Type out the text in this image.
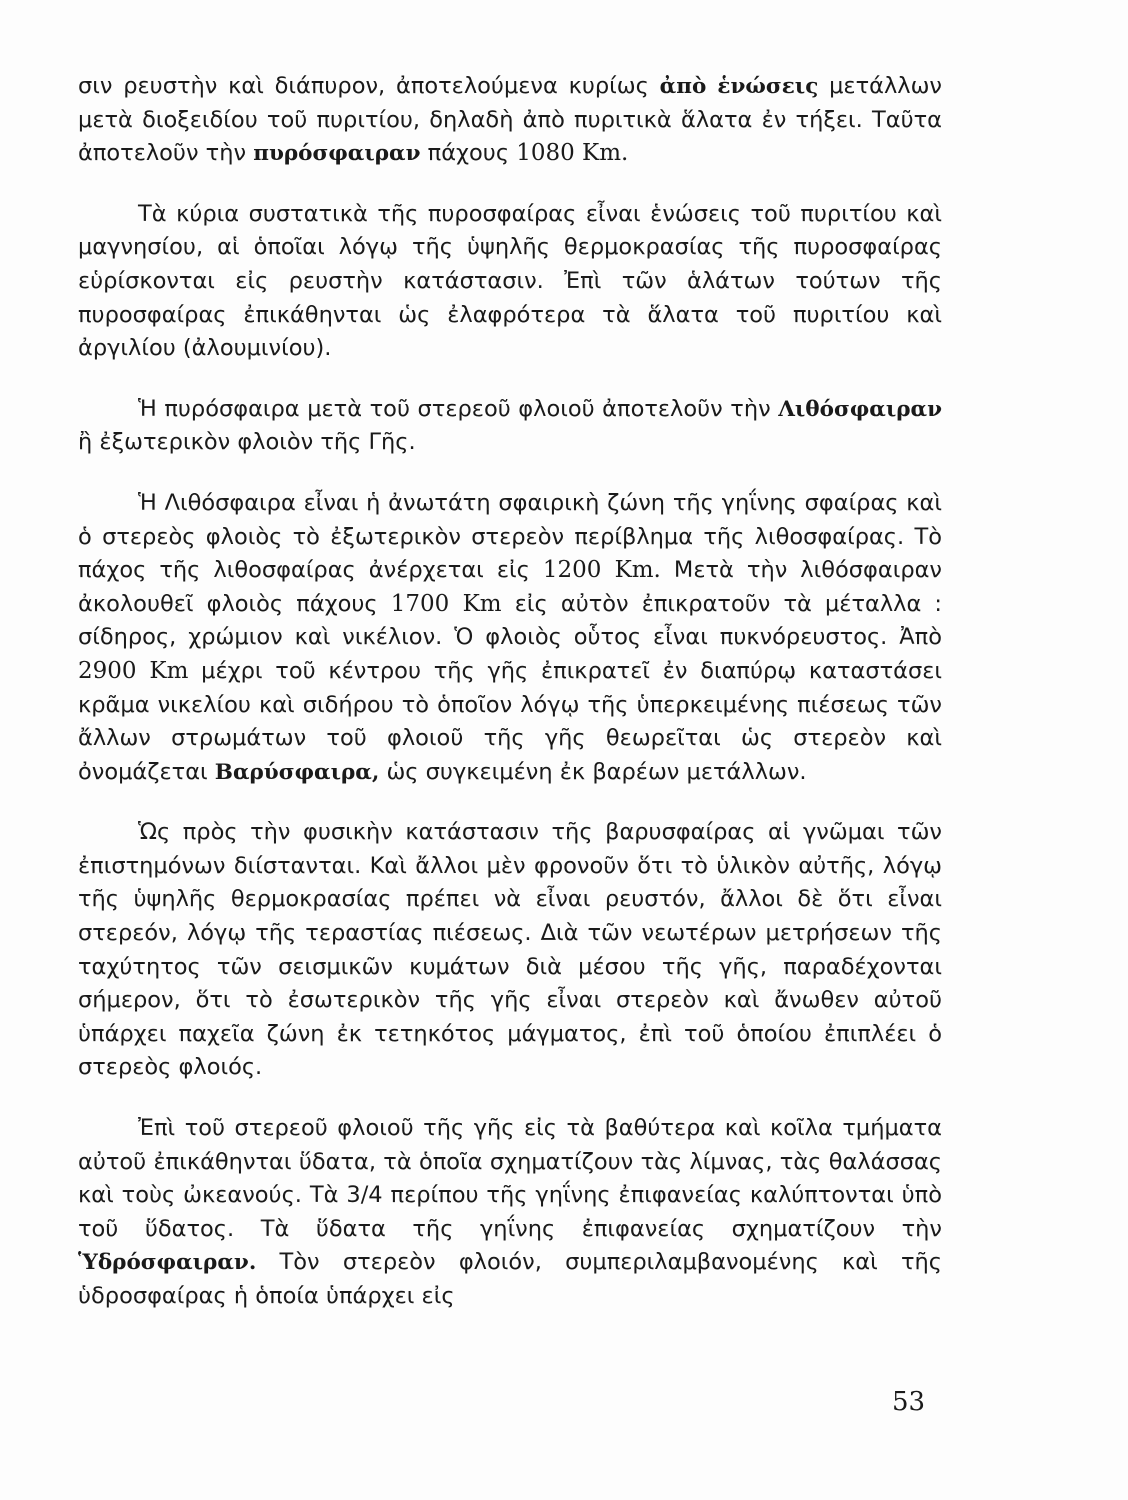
σιν ρευστὴν καὶ διάπυρον, ἀποτελούμενα κυρίως ἀπὸ ἑνώσεις μετάλλων μετὰ διοξειδίου τοῦ πυριτίου, δηλαδὴ ἀπὸ πυριτικὰ ἅλατα ἐν τήξει. Ταῦτα ἀποτελοῦν τὴν πυρόσφαιραν πάχους 1080 Km.

Τὰ κύρια συστατικὰ τῆς πυροσφαίρας εἶναι ἑνώσεις τοῦ πυριτίου καὶ μαγνησίου, αἱ ὁποῖαι λόγῳ τῆς ὑψηλῆς θερμοκρασίας τῆς πυροσφαίρας εὑρίσκονται εἰς ρευστὴν κατάστασιν. Ἐπὶ τῶν ἁλάτων τούτων τῆς πυροσφαίρας ἐπικάθηνται ὡς ἐλαφρότερα τὰ ἅλατα τοῦ πυριτίου καὶ ἀργιλίου (ἀλουμινίου).

Ἡ πυρόσφαιρα μετὰ τοῦ στερεοῦ φλοιοῦ ἀποτελοῦν τὴν Λιθόσφαιραν ἢ ἐξωτερικὸν φλοιὸν τῆς Γῆς.

Ἡ Λιθόσφαιρα εἶναι ἡ ἀνωτάτη σφαιρικὴ ζώνη τῆς γηΐνης σφαίρας καὶ ὁ στερεὸς φλοιὸς τὸ ἐξωτερικὸν στερεὸν περίβλημα τῆς λιθοσφαίρας. Τὸ πάχος τῆς λιθοσφαίρας ἀνέρχεται εἰς 1200 Km. Μετὰ τὴν λιθόσφαιραν ἀκολουθεῖ φλοιὸς πάχους 1700 Km εἰς αὐτὸν ἐπικρατοῦν τὰ μέταλλα : σίδηρος, χρώμιον καὶ νικέλιον. Ὁ φλοιὸς οὗτος εἶναι πυκνόρευστος. Ἀπὸ 2900 Km μέχρι τοῦ κέντρου τῆς γῆς ἐπικρατεῖ ἐν διαπύρῳ καταστάσει κρᾶμα νικελίου καὶ σιδήρου τὸ ὁποῖον λόγῳ τῆς ὑπερκειμένης πιέσεως τῶν ἄλλων στρωμάτων τοῦ φλοιοῦ τῆς γῆς θεωρεῖται ὡς στερεὸν καὶ ὀνομάζεται Βαρύσφαιρα, ὡς συγκειμένη ἐκ βαρέων μετάλλων.

Ὡς πρὸς τὴν φυσικὴν κατάστασιν τῆς βαρυσφαίρας αἱ γνῶμαι τῶν ἐπιστημόνων διίστανται. Καὶ ἄλλοι μὲν φρονοῦν ὅτι τὸ ὑλικὸν αὐτῆς, λόγῳ τῆς ὑψηλῆς θερμοκρασίας πρέπει νὰ εἶναι ρευστόν, ἄλλοι δὲ ὅτι εἶναι στερεόν, λόγῳ τῆς τεραστίας πιέσεως. Διὰ τῶν νεωτέρων μετρήσεων τῆς ταχύτητος τῶν σεισμικῶν κυμάτων διὰ μέσου τῆς γῆς, παραδέχονται σήμερον, ὅτι τὸ ἐσωτερικὸν τῆς γῆς εἶναι στερεὸν καὶ ἄνωθεν αὐτοῦ ὑπάρχει παχεῖα ζώνη ἐκ τετηκότος μάγματος, ἐπὶ τοῦ ὁποίου ἐπιπλέει ὁ στερεὸς φλοιός.

Ἐπὶ τοῦ στερεοῦ φλοιοῦ τῆς γῆς εἰς τὰ βαθύτερα καὶ κοῖλα τμήματα αὐτοῦ ἐπικάθηνται ὕδατα, τὰ ὁποῖα σχηματίζουν τὰς λίμνας, τὰς θαλάσσας καὶ τοὺς ὠκεανούς. Τὰ 3/4 περίπου τῆς γηΐνης ἐπιφανείας καλύπτονται ὑπὸ τοῦ ὕδατος. Τὰ ὕδατα τῆς γηΐνης ἐπιφανείας σχηματίζουν τὴν Ὑδρόσφαιραν. Τὸν στερεὸν φλοιόν, συμπεριλαμβανομένης καὶ τῆς ὑδροσφαίρας ἡ ὁποία ὑπάρχει εἰς

53
